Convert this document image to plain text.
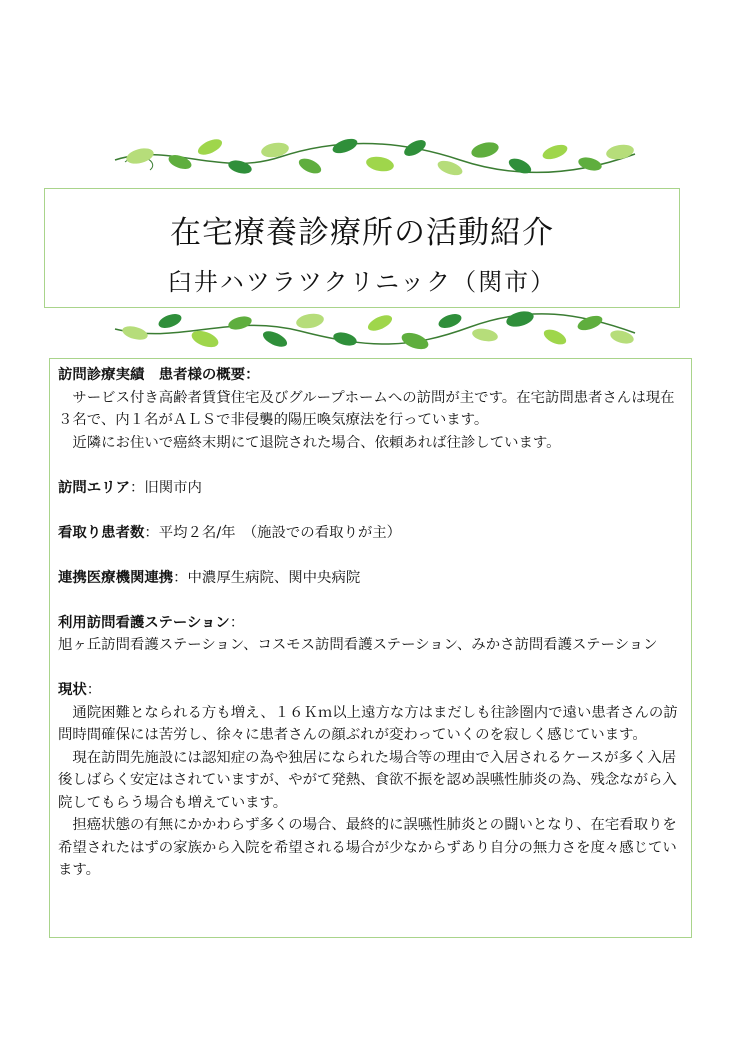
在宅療養診療所の活動紹介
臼井ハツラツクリニック（関市）

訪問診療実績　患者様の概要：

サービス付き高齢者賃貸住宅及びグループホームへの訪問が主です。在宅訪問患者さんは現在３名で、内１名がＡＬＳで非侵襲的陽圧喚気療法を行っています。

近隣にお住いで癌終末期にて退院された場合、依頼あれば往診しています。

訪問エリア：旧関市内

看取り患者数：平均２名/年　（施設での看取りが主）

連携医療機関連携：中濃厚生病院、関中央病院

利用訪問看護ステーション：

旭ヶ丘訪問看護ステーション、コスモス訪問看護ステーション、みかさ訪問看護ステーション

現状：

通院困難となられる方も増え、１６Ｋｍ以上遠方な方はまだしも往診圏内で遠い患者さんの訪問時間確保には苦労し、徐々に患者さんの顔ぶれが変わっていくのを寂しく感じています。

現在訪問先施設には認知症の為や独居になられた場合等の理由で入居されるケースが多く入居後しばらく安定はされていますが、やがて発熱、食欲不振を認め誤嚥性肺炎の為、残念ながら入院してもらう場合も増えています。

担癌状態の有無にかかわらず多くの場合、最終的に誤嚥性肺炎との闘いとなり、在宅看取りを希望されたはずの家族から入院を希望される場合が少なからずあり自分の無力さを度々感じています。
